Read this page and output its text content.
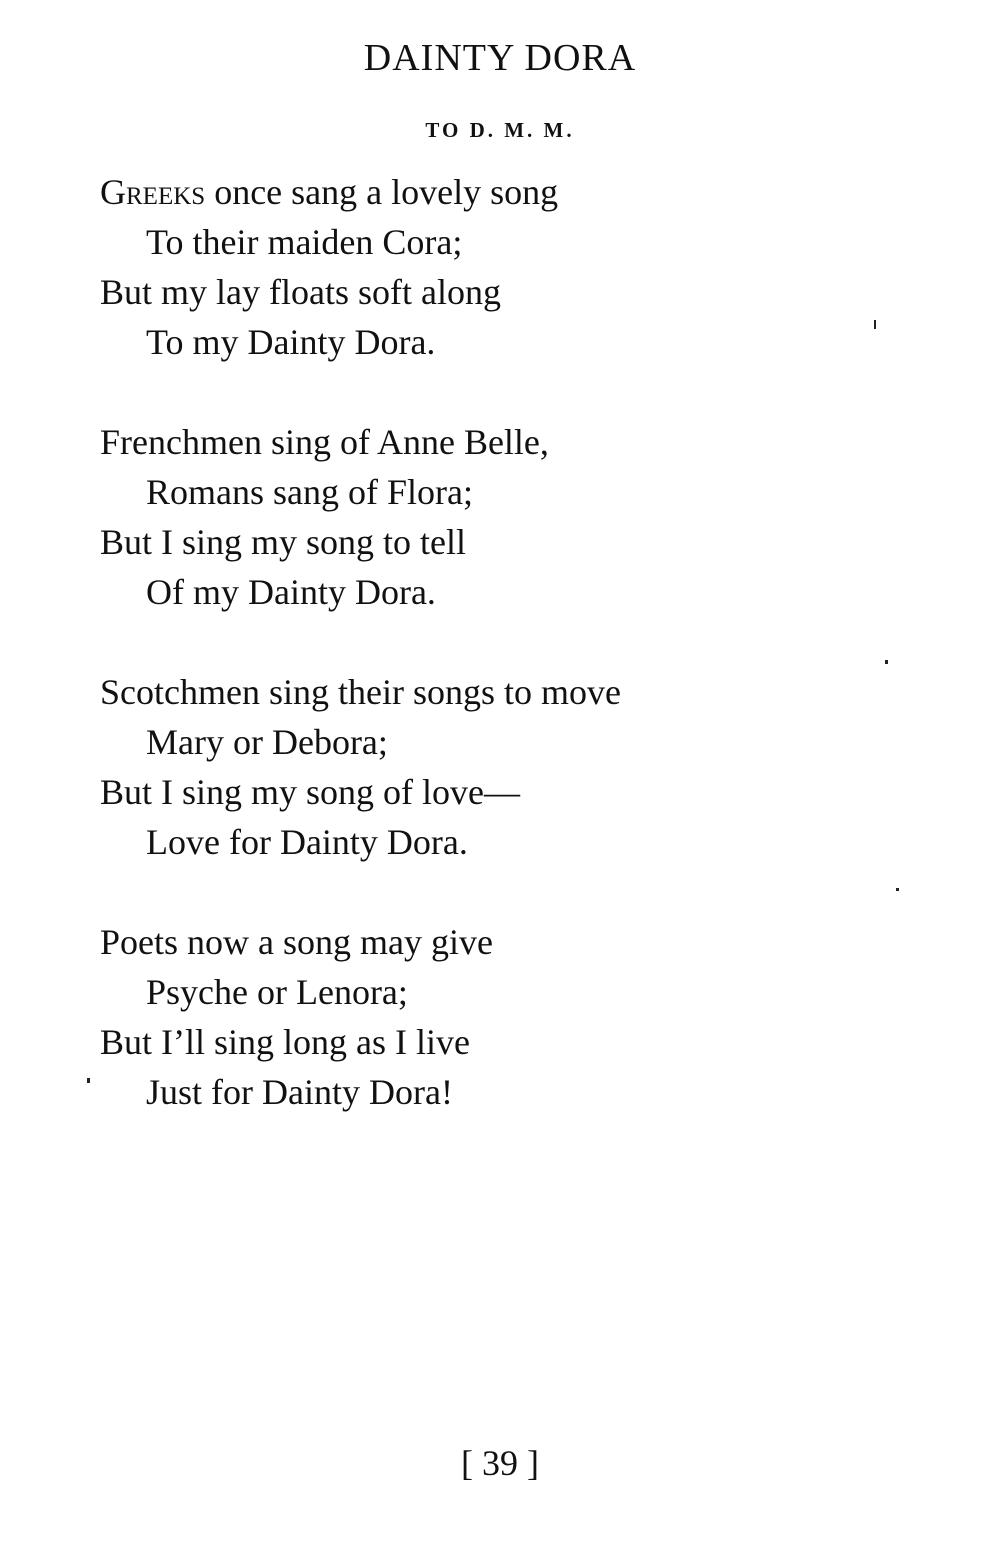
DAINTY DORA
TO D. M. M.
Greeks once sang a lovely song
To their maiden Cora;
But my lay floats soft along
To my Dainty Dora.
Frenchmen sing of Anne Belle,
Romans sang of Flora;
But I sing my song to tell
Of my Dainty Dora.
Scotchmen sing their songs to move
Mary or Debora;
But I sing my song of love—
Love for Dainty Dora.
Poets now a song may give
Psyche or Lenora;
But I’ll sing long as I live
Just for Dainty Dora!
[ 39 ]
